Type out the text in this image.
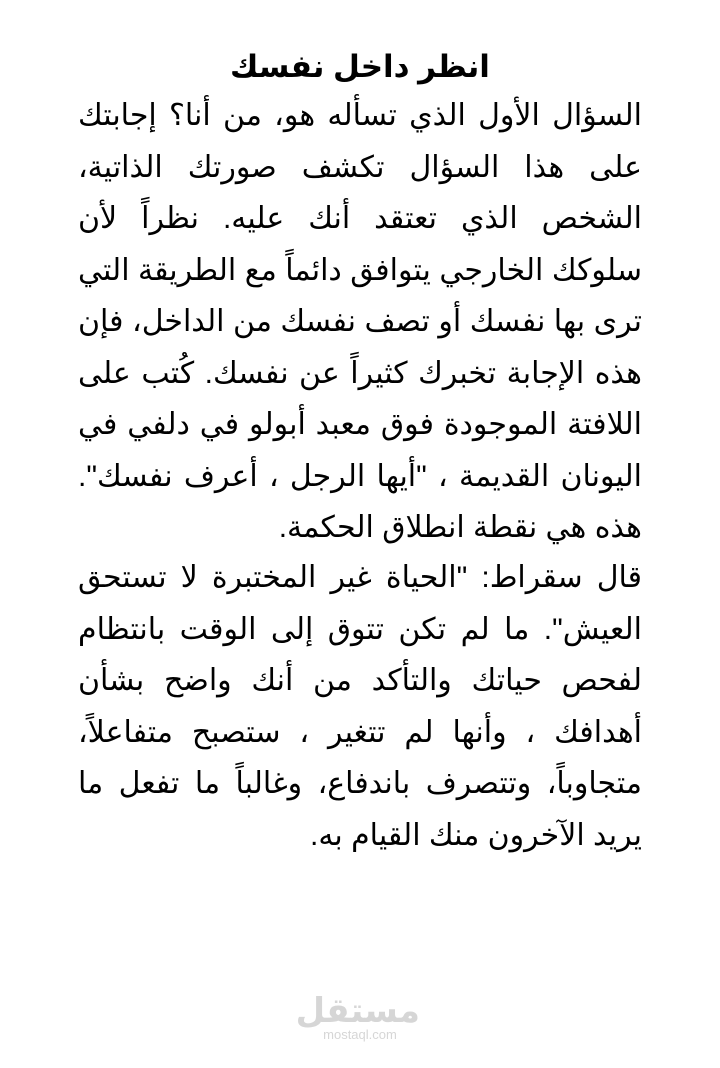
انظر داخل نفسك

السؤال الأول الذي تسأله هو، من أنا؟ إجابتك على هذا السؤال تكشف صورتك الذاتية، الشخص الذي تعتقد أنك عليه. نظراً لأن سلوكك الخارجي يتوافق دائماً مع الطريقة التي ترى بها نفسك أو تصف نفسك من الداخل، فإن هذه الإجابة تخبرك كثيراً عن نفسك. كُتب على اللافتة الموجودة فوق معبد أبولو في دلفي في اليونان القديمة ، "أيها الرجل ، أعرف نفسك". هذه هي نقطة انطلاق الحكمة.

قال سقراط: "الحياة غير المختبرة لا تستحق العيش". ما لم تكن تتوق إلى الوقت بانتظام لفحص حياتك والتأكد من أنك واضح بشأن أهدافك ، وأنها لم تتغير ، ستصبح متفاعلاً، متجاوباً، وتتصرف باندفاع، وغالباً ما تفعل ما يريد الآخرون منك القيام به.

مستقل
mostaql.com
